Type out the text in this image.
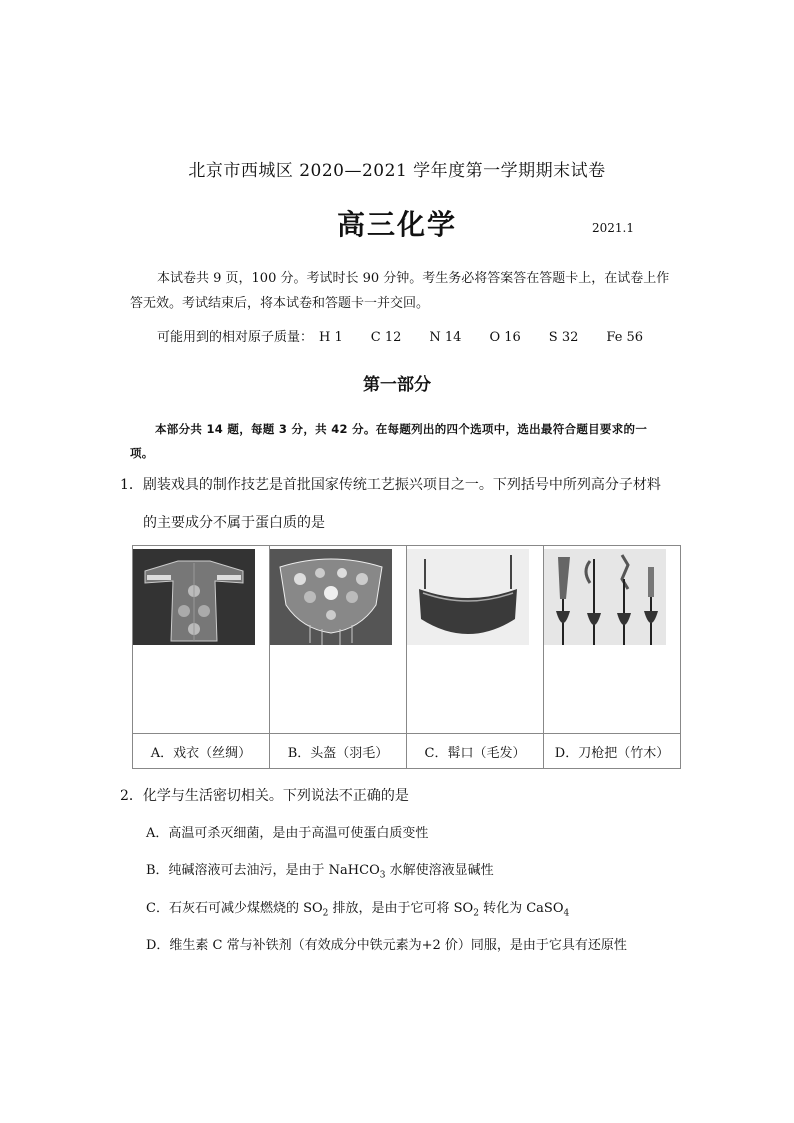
北京市西城区 2020—2021 学年度第一学期期末试卷
高三化学	2021.1
本试卷共 9 页，100 分。考试时长 90 分钟。考生务必将答案答在答题卡上，在试卷上作答无效。考试结束后，将本试卷和答题卡一并交回。
可能用到的相对原子质量： H 1 C 12 N 14 O 16 S 32 Fe 56
第一部分
本部分共 14 题，每题 3 分，共 42 分。在每题列出的四个选项中，选出最符合题目要求的一项。
1．剧装戏具的制作技艺是首批国家传统工艺振兴项目之一。下列括号中所列高分子材料
的主要成分不属于蛋白质的是

A．戏衣（丝绸）	B．头盔（羽毛）	C．髯口（毛发）	D．刀枪把（竹木）
2．化学与生活密切相关。下列说法不正确的是
A．高温可杀灭细菌，是由于高温可使蛋白质变性
B．纯碱溶液可去油污，是由于 NaHCO$_3$ 水解使溶液显碱性
C．石灰石可减少煤燃烧的 $SO_2$ 排放，是由于它可将 $SO_2$ 转化为 CaSO$_4$
D．维生素 C 常与补铁剂（有效成分中铁元素为+2 价）同服，是由于它具有还原性
